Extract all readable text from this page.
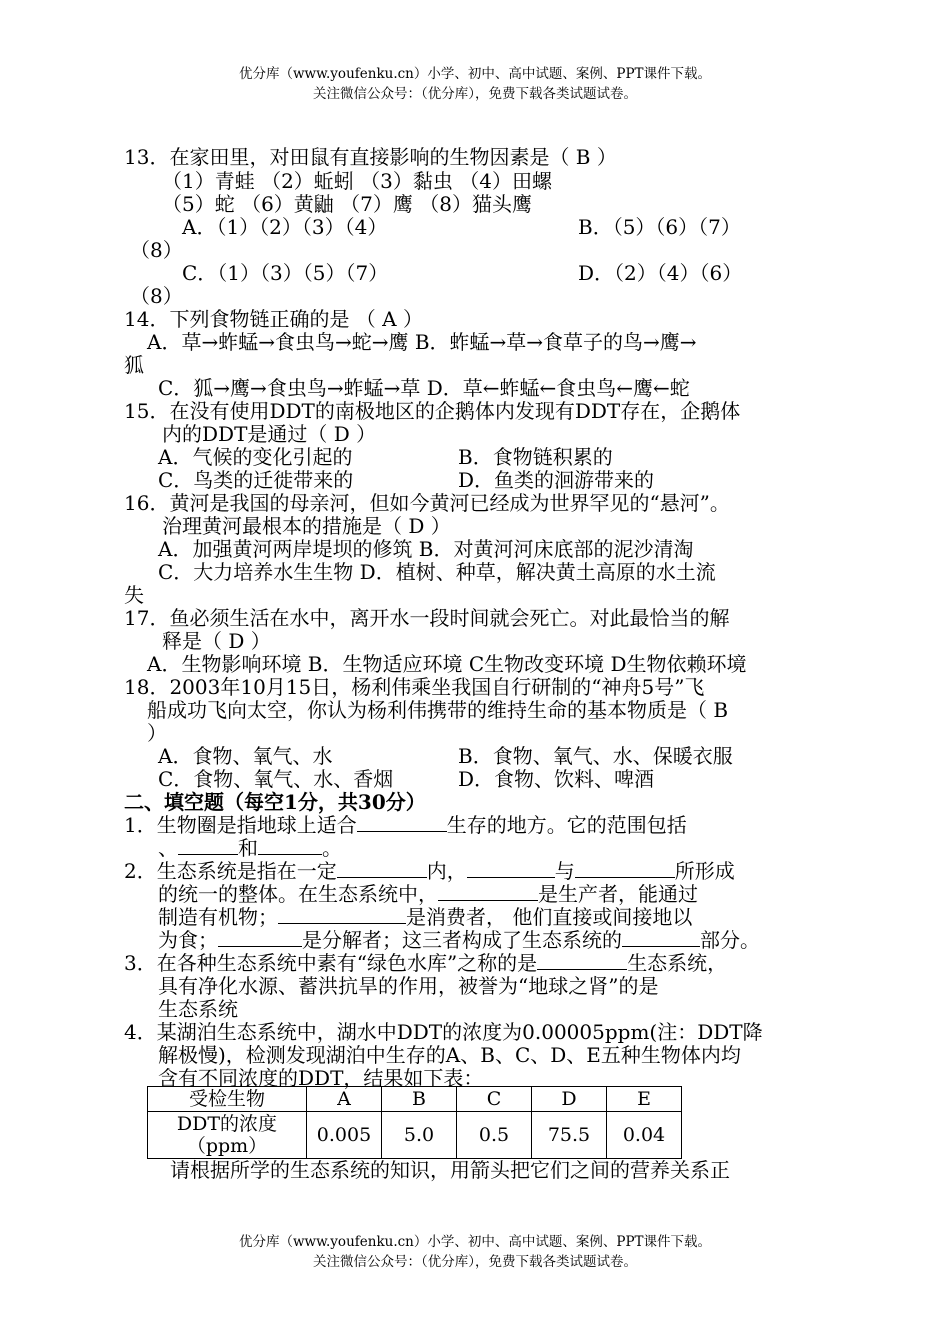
优分库（www.youfenku.cn）小学、初中、高中试题、案例、PPT课件下载。
关注微信公众号：（优分库），免费下载各类试题试卷。
13．在家田里，对田鼠有直接影响的生物因素是（ B ）
（1）青蛙 （2）蚯蚓 （3）黏虫 （4）田螺
（5）蛇 （6）黄鼬 （7）鹰 （8）猫头鹰
A．（1）（2）（3）（4）	B．（5）（6）（7）
（8）
C．（1）（3）（5）（7）	D．（2）（4）（6）
（8）
14．下列食物链正确的是 （ A ）
A．草→蚱蜢→食虫鸟→蛇→鹰 B．蚱蜢→草→食草子的鸟→鹰→
狐
C．狐→鹰→食虫鸟→蚱蜢→草 D．草←蚱蜢←食虫鸟←鹰←蛇
15．在没有使用DDT的南极地区的企鹅体内发现有DDT存在，企鹅体
内的DDT是通过（ D ）
A．气候的变化引起的	B．食物链积累的
C．鸟类的迁徙带来的	D．鱼类的洄游带来的
16．黄河是我国的母亲河，但如今黄河已经成为世界罕见的“悬河”。
治理黄河最根本的措施是（ D ）
A．加强黄河两岸堤坝的修筑 B．对黄河河床底部的泥沙清淘
C．大力培养水生生物 D．植树、种草，解决黄土高原的水土流
失
17．鱼必须生活在水中，离开水一段时间就会死亡。对此最恰当的解
释是（ D ）
A．生物影响环境 B．生物适应环境 C生物改变环境 D生物依赖环境
18．2003年10月15日，杨利伟乘坐我国自行研制的“神舟5号”飞
船成功飞向太空，你认为杨利伟携带的维持生命的基本物质是（ B
）
A．食物、氧气、水	B．食物、氧气、水、保暖衣服
C．食物、氧气、水、香烟	D．食物、饮料、啤酒
二、填空题（每空1分，共30分）
1．生物圈是指地球上适合	生存的地方。它的范围包括
、	和	。
2．生态系统是指在一定	内，	与	所形成
的统一的整体。在生态系统中，	是生产者，能通过
制造有机物；	是消费者， 他们直接或间接地以
为食；	是分解者；这三者构成了生态系统的	部分。
3．在各种生态系统中素有“绿色水库”之称的是	生态系统，
具有净化水源、蓄洪抗旱的作用，被誉为“地球之肾”的是
生态系统
4．某湖泊生态系统中，湖水中DDT的浓度为0.00005ppm(注：DDT降
解极慢)，检测发现湖泊中生存的A、B、C、D、E五种生物体内均
含有不同浓度的DDT，结果如下表：
受检生物	A	B	C	D	E

DDT的浓度
（ppm）	0.005	5.0	0.5	75.5	0.04
请根据所学的生态系统的知识，用箭头把它们之间的营养关系正
优分库（www.youfenku.cn）小学、初中、高中试题、案例、PPT课件下载。
关注微信公众号：（优分库），免费下载各类试题试卷。
